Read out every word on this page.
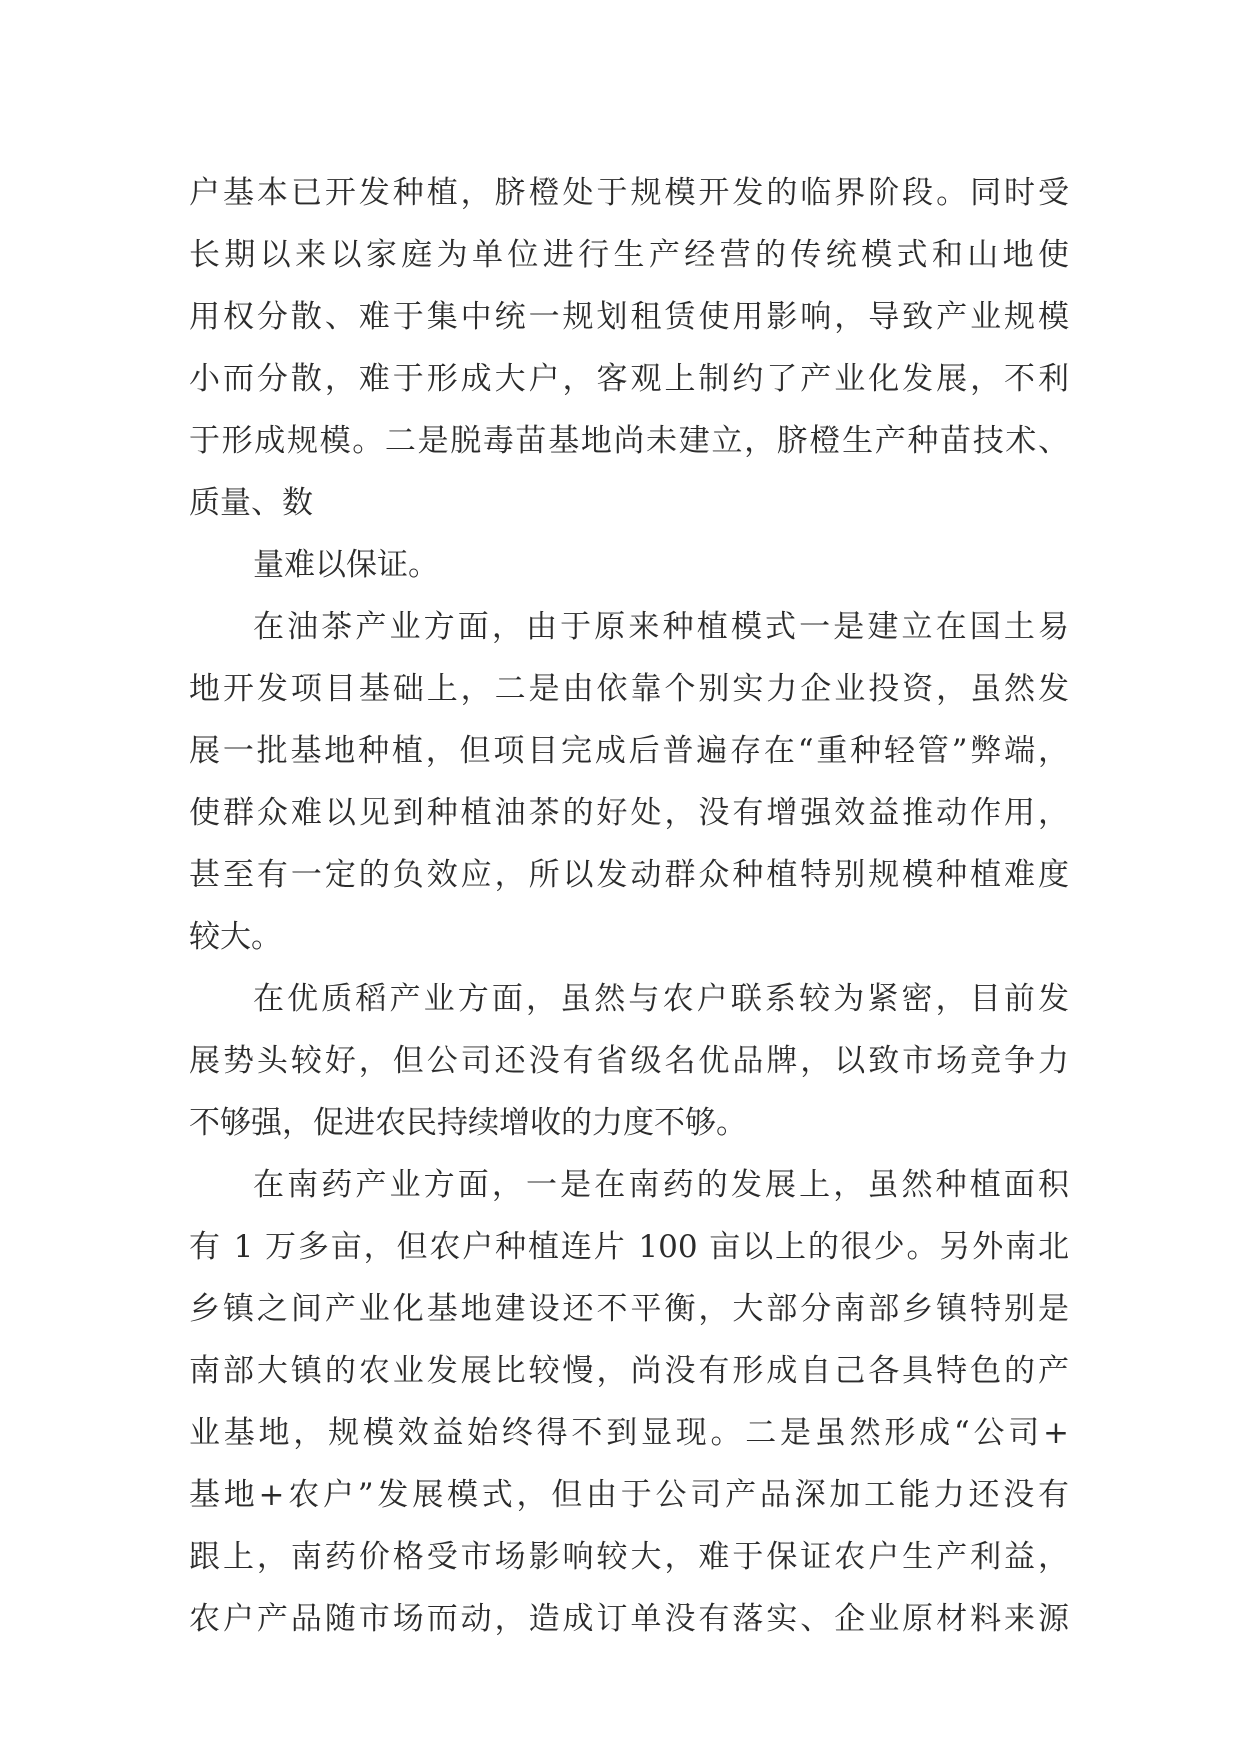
户基本已开发种植，脐橙处于规模开发的临界阶段。同时受
长期以来以家庭为单位进行生产经营的传统模式和山地使
用权分散、难于集中统一规划租赁使用影响，导致产业规模
小而分散，难于形成大户，客观上制约了产业化发展，不利
于形成规模。二是脱毒苗基地尚未建立，脐橙生产种苗技术、
质量、数
量难以保证。
在油茶产业方面，由于原来种植模式一是建立在国土易
地开发项目基础上，二是由依靠个别实力企业投资，虽然发
展一批基地种植，但项目完成后普遍存在“重种轻管”弊端，
使群众难以见到种植油茶的好处，没有增强效益推动作用，
甚至有一定的负效应，所以发动群众种植特别规模种植难度
较大。
在优质稻产业方面，虽然与农户联系较为紧密，目前发
展势头较好，但公司还没有省级名优品牌，以致市场竞争力
不够强，促进农民持续增收的力度不够。
在南药产业方面，一是在南药的发展上，虽然种植面积
有 1 万多亩，但农户种植连片 100 亩以上的很少。另外南北
乡镇之间产业化基地建设还不平衡，大部分南部乡镇特别是
南部大镇的农业发展比较慢，尚没有形成自己各具特色的产
业基地，规模效益始终得不到显现。二是虽然形成“公司+
基地+农户”发展模式，但由于公司产品深加工能力还没有
跟上，南药价格受市场影响较大，难于保证农户生产利益，
农户产品随市场而动，造成订单没有落实、企业原材料来源
